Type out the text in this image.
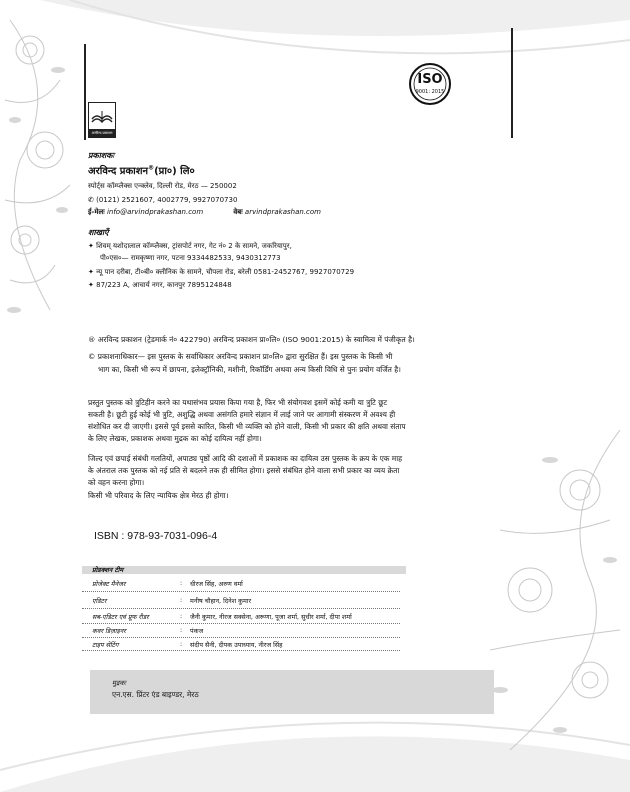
अरविन्द प्रकाशन
ISO
9001: 2015
प्रकाशकः
अरविन्द प्रकाशन®(प्रा०) लि०
स्पोर्ट्स कॉम्प्लैक्स एन्क्लेव, दिल्ली रोड, मेरठ — 250002
✆ (0121) 2521607, 4002779, 9927070730
ई-मेलः info@arvindprakashan.com	वेबः arvindprakashan.com
शाखाएँ
✦ शिवम् यशोदालाल कॉम्प्लैक्स, ट्रांसपोर्ट नगर, गेट नं० 2 के सामने, जकरियापुर,
पी०एस०— रामकृष्णा नगर, पटना 9334482533, 9430312773
✦ न्यू पान दरीबा, टी०बी० क्लीनिक के सामने, चौपला रोड, बरेली 0581-2452767, 9927070729
✦ 87/223 A, आचार्य नगर, कानपुर 7895124848
® अरविन्द प्रकाशन (ट्रेडमार्क नं० 422790) अरविन्द प्रकाशन प्रा०लि० (ISO 9001:2015) के स्वामित्व में पंजीकृत है।
© प्रकाशनाधिकार— इस पुस्तक के सर्वाधिकार अरविन्द प्रकाशन प्रा०लि० द्वारा सुरक्षित हैं। इस पुस्तक के किसी भी
भाग का, किसी भी रूप में छापना, इलेक्ट्रॉनिकी, मशीनी, रिकॉर्डिंग अथवा अन्य किसी विधि से पुनः प्रयोग वर्जित है।
प्रस्तुत पुस्तक को त्रुटिहीन करने का यथासंभव प्रयास किया गया है, फिर भी संयोगवश इसमें कोई कमी या त्रुटि छूट
सकती है। छूटी हुई कोई भी त्रुटि, अशुद्धि अथवा असंगति हमारे संज्ञान में लाई जाने पर आगामी संस्करण में अवश्य ही
संशोधित कर दी जाएगी। इससे पूर्व इससे कारित, किसी भी व्यक्ति को होने वाली, किसी भी प्रकार की क्षति अथवा संताप
के लिए लेखक, प्रकाशक अथवा मुद्रक का कोई दायित्व नहीं होगा।
जिल्द एवं छपाई संबंधी गलतियों, अपाठ्य पृष्ठों आदि की दशाओं में प्रकाशक का दायित्व उस पुस्तक के क्रय के एक माह
के अंतराल तक पुस्तक को नई प्रति से बदलने तक ही सीमित होगा। इससे संबंधित होने वाला सभी प्रकार का व्यय क्रेता
को वहन करना होगा।
किसी भी परिवाद के लिए न्यायिक क्षेत्र मेरठ ही होगा।
ISBN : 978-93-7031-096-4
प्रोडक्शन टीम
प्रोजेक्ट मैनेजर	: धीरज सिंह, अरुण वर्मा
एडिटर	: मनीष चौहान, दिनेश कुमार
सब-एडिटर एवं प्रूफ रीडर	: जैनी कुमार, नीरज सक्सेना, अरूणा, पूजा शर्मा, सुधीर शर्मा, दीपा शर्मा
कवर डिज़ाइनर	: पंकज
टाइप सेटिंग	: संदीप सैनी, दीपक उपाध्याय, नीरज सिंह
मुद्रकः
एन.एस. प्रिंटर एंड बाइण्डर, मेरठ
